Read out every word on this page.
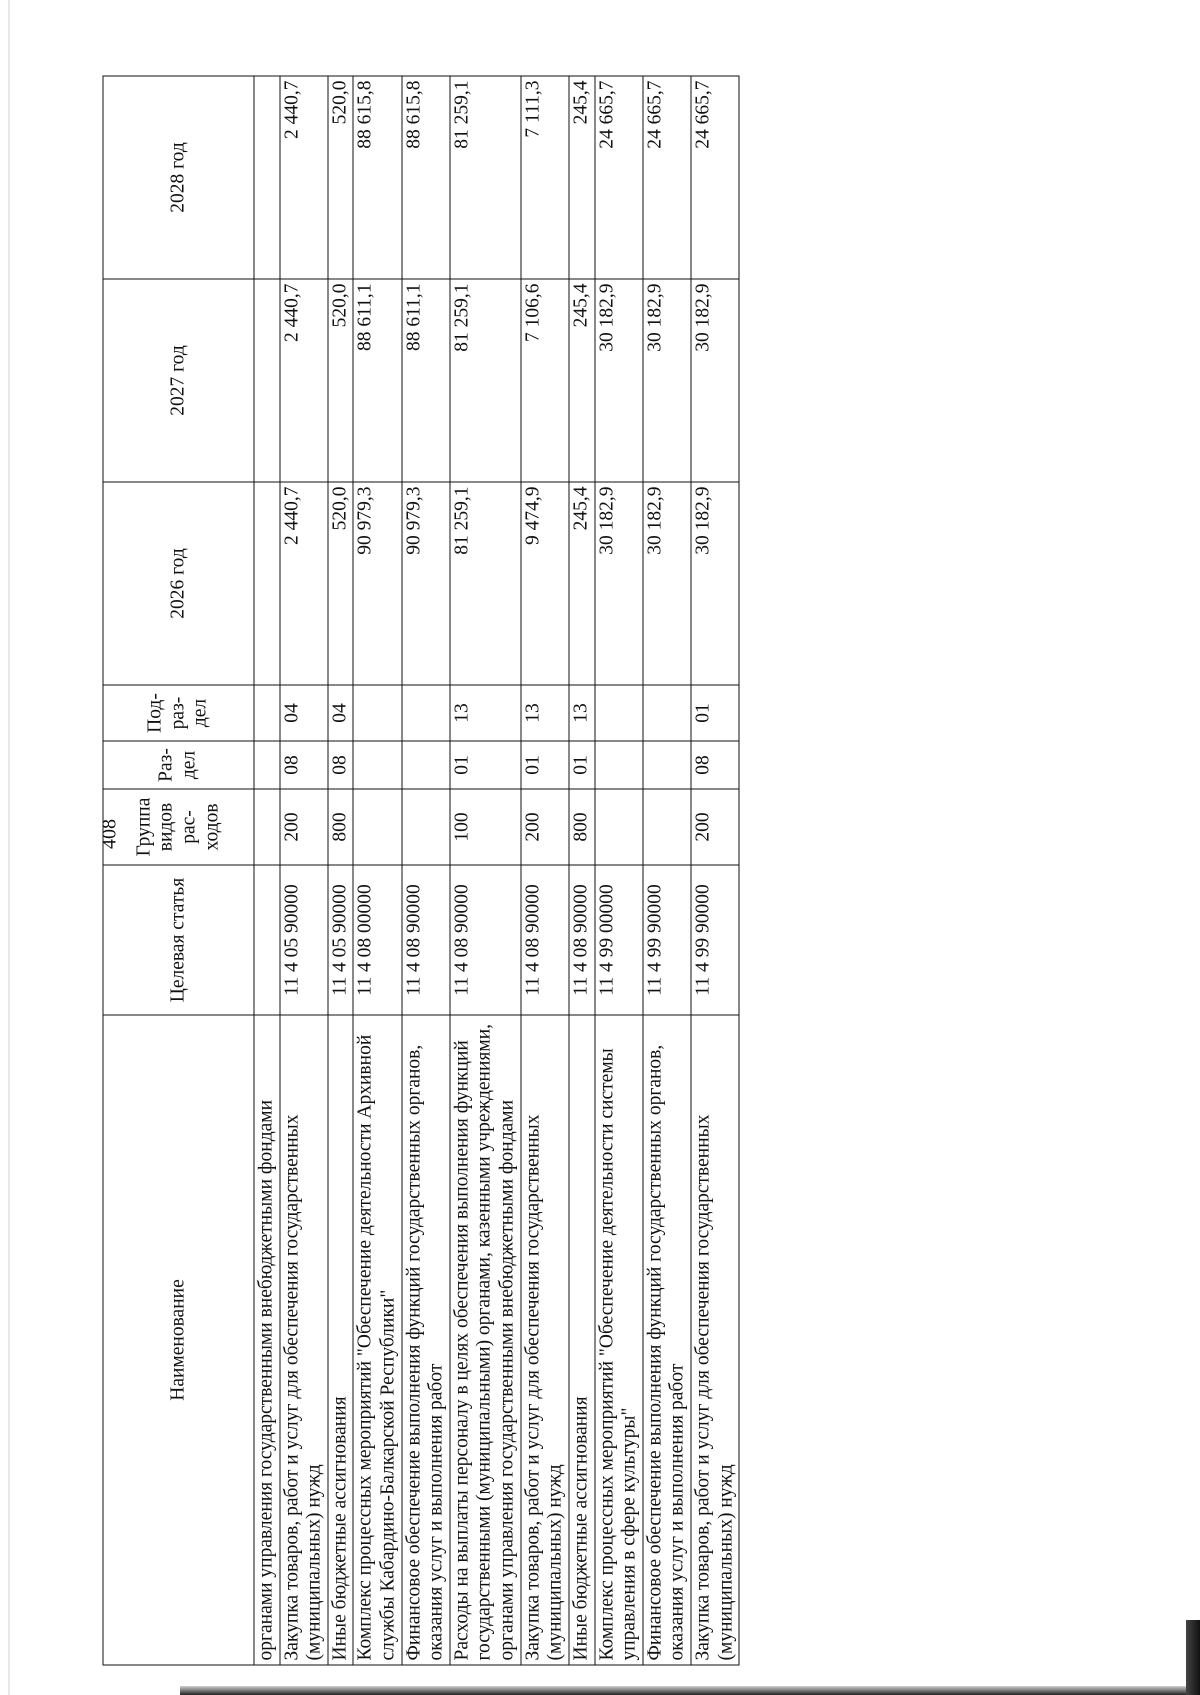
408
Наименование	Целевая статья	Группа видов рас-ходов	Раз-дел	Под-раз-дел	2026 год	2027 год	2028 год
органами управления государственными внебюджетными фондами							
Закупка товаров, работ и услуг для обеспечения государственных (муниципальных) нужд	11 4 05 90000	200	08	04	2 440,7	2 440,7	2 440,7
Иные бюджетные ассигнования	11 4 05 90000	800	08	04	520,0	520,0	520,0
Комплекс процессных мероприятий "Обеспечение деятельности Архивной службы Кабардино-Балкарской Республики"	11 4 08 00000				90 979,3	88 611,1	88 615,8
Финансовое обеспечение выполнения функций государственных органов, оказания услуг и выполнения работ	11 4 08 90000				90 979,3	88 611,1	88 615,8
Расходы на выплаты персоналу в целях обеспечения выполнения функций государственными (муниципальными) органами, казенными учреждениями, органами управления государственными внебюджетными фондами	11 4 08 90000	100	01	13	81 259,1	81 259,1	81 259,1
Закупка товаров, работ и услуг для обеспечения государственных (муниципальных) нужд	11 4 08 90000	200	01	13	9 474,9	7 106,6	7 111,3
Иные бюджетные ассигнования	11 4 08 90000	800	01	13	245,4	245,4	245,4
Комплекс процессных мероприятий "Обеспечение деятельности системы управления в сфере культуры"	11 4 99 00000				30 182,9	30 182,9	24 665,7
Финансовое обеспечение выполнения функций государственных органов, оказания услуг и выполнения работ	11 4 99 90000				30 182,9	30 182,9	24 665,7
Закупка товаров, работ и услуг для обеспечения государственных (муниципальных) нужд	11 4 99 90000	200	08	01	30 182,9	30 182,9	24 665,7
